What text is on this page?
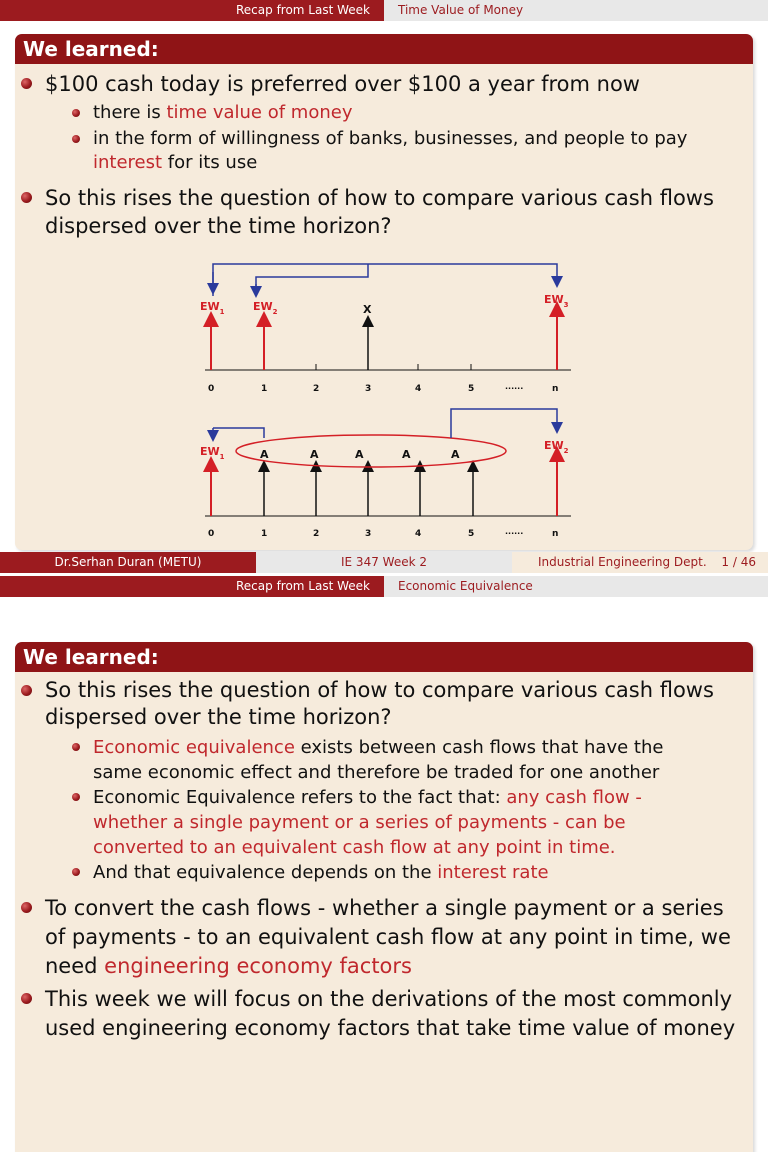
Recap from Last Week	Time Value of Money
We learned:
$100 cash today is preferred over $100 a year from now
there is time value of money
in the form of willingness of banks, businesses, and people to pay
interest for its use
So this rises the question of how to compare various cash flows
dispersed over the time horizon?
$EW_1$	$EW_2$	X
$EW_3$
0	1	2	3	4	5	......	n
$EW_1$	A	A	A	A	A
$EW_2$
0	1	2	3	4	5	......	n
Dr.Serhan Duran (METU)	IE 347 Week 2	Industrial Engineering Dept. 1 / 46
Recap from Last Week	Economic Equivalence
We learned:
So this rises the question of how to compare various cash flows
dispersed over the time horizon?
Economic equivalence exists between cash flows that have the
same economic effect and therefore be traded for one another
Economic Equivalence refers to the fact that: any cash flow -
whether a single payment or a series of payments - can be
converted to an equivalent cash flow at any point in time.
And that equivalence depends on the interest rate
To convert the cash flows - whether a single payment or a series
of payments - to an equivalent cash flow at any point in time, we
need engineering economy factors
This week we will focus on the derivations of the most commonly
used engineering economy factors that take time value of money
